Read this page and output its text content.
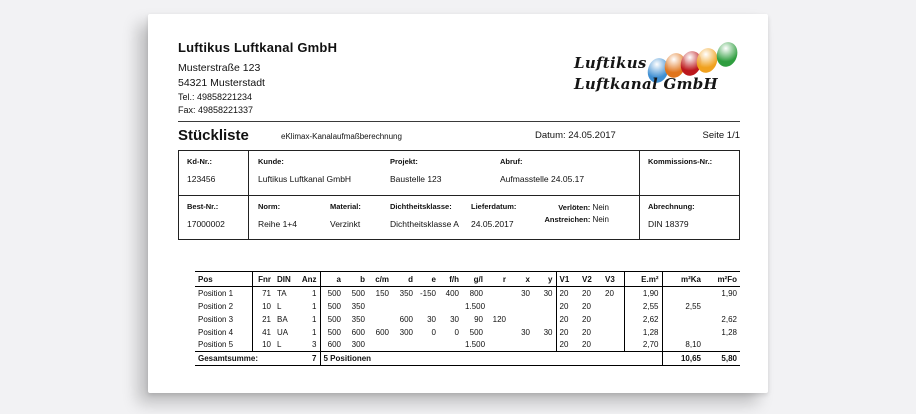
Luftikus Luftkanal GmbH
Musterstraße 123
54321 Musterstadt
Tel.: 49858221234
Fax: 49858221337
Luftikus
Luftkanal GmbH
Stückliste	eKlimax-Kanalaufmaßberechnung	Datum: 24.05.2017	Seite 1/1
Kd-Nr.:
123456
Kunde:
Luftikus Luftkanal GmbH
Projekt:
Baustelle 123
Abruf:
Aufmasstelle 24.05.17
Kommissions-Nr.:
Best-Nr.:
17000002
Norm:
Reihe 1+4
Material:
Verzinkt
Dichtheitsklasse:
Dichtheitsklasse A
Lieferdatum:
24.05.2017
Verlöten: Nein
Anstreichen: Nein
Abrechnung:
DIN 18379
Pos	Fnr	DIN	Anz	a	b	c/m	d	e	f/h	g/l	r	x	y	V1	V2	V3	E.m²	m²Ka	m²Fo
Position 1	71	TA	1	500	500	150	350	-150	400	800		30	30	20	20	20	1,90		1,90
Position 2	10	L	1	500	350					1.500				20	20		2,55	2,55	
Position 3	21	BA	1	500	350		600	30	30	90	120			20	20		2,62		2,62
Position 4	41	UA	1	500	600	600	300	0	0	500		30	30	20	20		1,28		1,28
Position 5	10	L	3	600	300					1.500				20	20		2,70	8,10	
Gesamtsumme:			7	5 Positionen														10,65	5,80
